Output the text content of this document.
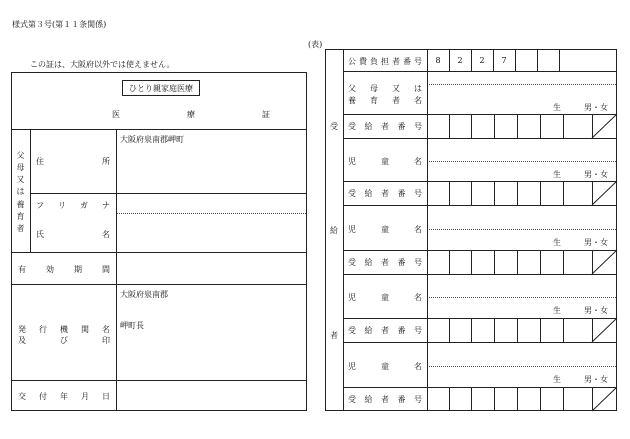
様式第３号(第１１条関係)
(表)
この証は、大阪府以外では使えません。
ひとり親家庭医療
医	療	証
父
母
又
は
養
育
者
住	所
大阪府泉南郡岬町
フ リ ガ ナ
氏	名
有	効	期	間
発 行 機 関 名
及	び	印
大阪府泉南郡
岬町長
交 付 年 月 日
受
給
者
公 費 負 担 者 番 号	8	2	2	7
父 母 又 は
養 育 者 名
生	男・女
受 給 者 番 号
児	童	名
生	男・女
受 給 者 番 号
児	童	名
生	男・女
受 給 者 番 号
児	童	名
生	男・女
受 給 者 番 号
児	童	名
生	男・女
受 給 者 番 号
